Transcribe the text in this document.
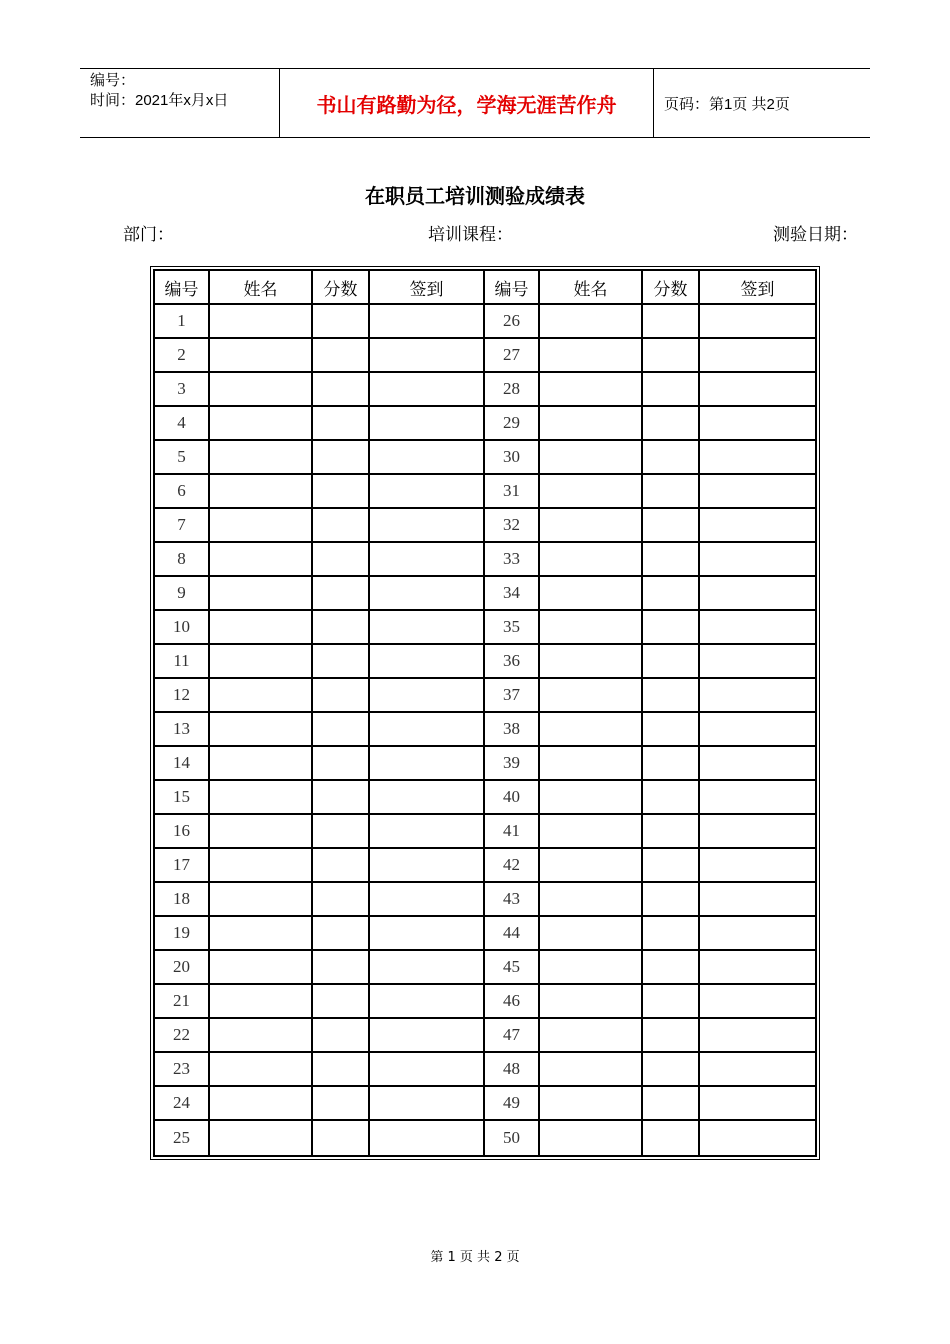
编号：
时间：2021年x月x日	书山有路勤为径，学海无涯苦作舟	页码：第1页 共2页
在职员工培训测验成绩表
部门：	培训课程：	测验日期：
编号	姓名	分数	签到	编号	姓名	分数	签到
1				26			
2				27			
3				28			
4				29			
5				30			
6				31			
7				32			
8				33			
9				34			
10				35			
11				36			
12				37			
13				38			
14				39			
15				40			
16				41			
17				42			
18				43			
19				44			
20				45			
21				46			
22				47			
23				48			
24				49			
25				50			
第 1 页 共 2 页
